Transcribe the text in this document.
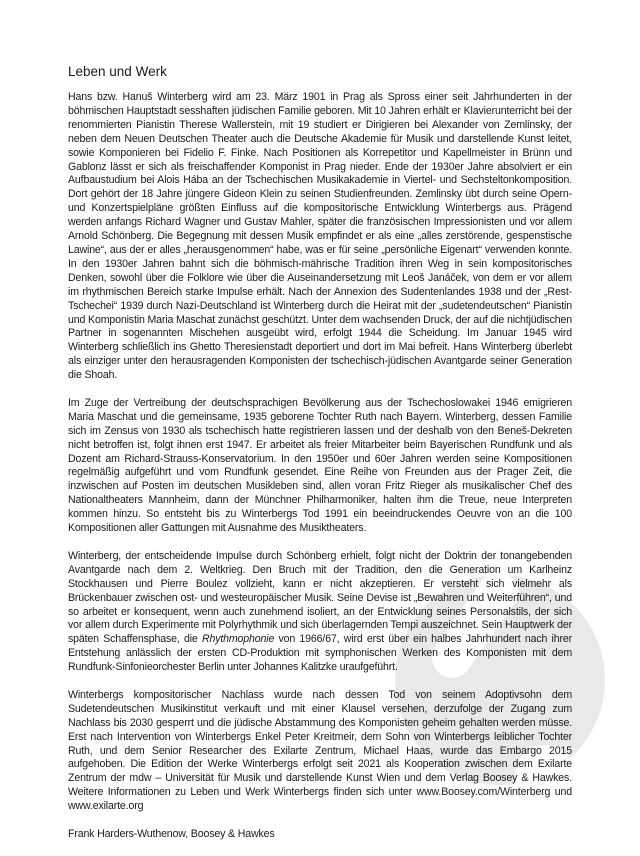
Leben und Werk

Hans bzw. Hanuš Winterberg wird am 23. März 1901 in Prag als Spross einer seit Jahrhunderten in der böhmischen Hauptstadt sesshaften jüdischen Familie geboren. Mit 10 Jahren erhält er Klavierunterricht bei der renommierten Pianistin Therese Wallerstein, mit 19 studiert er Dirigieren bei Alexander von Zemlinsky, der neben dem Neuen Deutschen Theater auch die Deutsche Akademie für Musik und darstellende Kunst leitet, sowie Komponieren bei Fidelio F. Finke. Nach Positionen als Korrepetitor und Kapellmeister in Brünn und Gablonz lässt er sich als freischaffender Komponist in Prag nieder. Ende der 1930er Jahre absolviert er ein Aufbaustudium bei Alois Hába an der Tschechischen Musikakademie in Viertel- und Sechsteltonkomposition. Dort gehört der 18 Jahre jüngere Gideon Klein zu seinen Studienfreunden. Zemlinsky übt durch seine Opern- und Konzertspielpläne größten Einfluss auf die kompositorische Entwicklung Winterbergs aus. Prägend werden anfangs Richard Wagner und Gustav Mahler, später die französischen Impressionisten und vor allem Arnold Schönberg. Die Begegnung mit dessen Musik empfindet er als eine „alles zerstörende, gespenstische Lawine“, aus der er alles „herausgenommen“ habe, was er für seine „persönliche Eigenart“ verwenden konnte. In den 1930er Jahren bahnt sich die böhmisch-mährische Tradition ihren Weg in sein kompositorisches Denken, sowohl über die Folklore wie über die Auseinandersetzung mit Leoš Janáček, von dem er vor allem im rhythmischen Bereich starke Impulse erhält. Nach der Annexion des Sudentenlandes 1938 und der „Rest-Tschechei“ 1939 durch Nazi-Deutschland ist Winterberg durch die Heirat mit der „sudetendeutschen“ Pianistin und Komponistin Maria Maschat zunächst geschützt. Unter dem wachsenden Druck, der auf die nichtjüdischen Partner in sogenannten Mischehen ausgeübt wird, erfolgt 1944 die Scheidung. Im Januar 1945 wird Winterberg schließlich ins Ghetto Theresienstadt deportiert und dort im Mai befreit. Hans Winterberg überlebt als einziger unter den herausragenden Komponisten der tschechisch-jüdischen Avantgarde seiner Generation die Shoah.

Im Zuge der Vertreibung der deutschsprachigen Bevölkerung aus der Tschechoslowakei 1946 emigrieren Maria Maschat und die gemeinsame, 1935 geborene Tochter Ruth nach Bayern. Winterberg, dessen Familie sich im Zensus von 1930 als tschechisch hatte registrieren lassen und der deshalb von den Beneš-Dekreten nicht betroffen ist, folgt ihnen erst 1947. Er arbeitet als freier Mitarbeiter beim Bayerischen Rundfunk und als Dozent am Richard-Strauss-Konservatorium. In den 1950er und 60er Jahren werden seine Kompositionen regelmäßig aufgeführt und vom Rundfunk gesendet. Eine Reihe von Freunden aus der Prager Zeit, die inzwischen auf Posten im deutschen Musikleben sind, allen voran Fritz Rieger als musikalischer Chef des Nationaltheaters Mannheim, dann der Münchner Philharmoniker, halten ihm die Treue, neue Interpreten kommen hinzu. So entsteht bis zu Winterbergs Tod 1991 ein beeindruckendes Oeuvre von an die 100 Kompositionen aller Gattungen mit Ausnahme des Musiktheaters.

Winterberg, der entscheidende Impulse durch Schönberg erhielt, folgt nicht der Doktrin der tonangebenden Avantgarde nach dem 2. Weltkrieg. Den Bruch mit der Tradition, den die Generation um Karlheinz Stockhausen und Pierre Boulez vollzieht, kann er nicht akzeptieren. Er versteht sich vielmehr als Brückenbauer zwischen ost- und westeuropäischer Musik. Seine Devise ist „Bewahren und Weiterführen“, und so arbeitet er konsequent, wenn auch zunehmend isoliert, an der Entwicklung seines Personalstils, der sich vor allem durch Experimente mit Polyrhythmik und sich überlagernden Tempi auszeichnet. Sein Hauptwerk der späten Schaffensphase, die Rhythmophonie von 1966/67, wird erst über ein halbes Jahrhundert nach ihrer Entstehung anlässlich der ersten CD-Produktion mit symphonischen Werken des Komponisten mit dem Rundfunk-Sinfonieorchester Berlin unter Johannes Kalitzke uraufgeführt.

Winterbergs kompositorischer Nachlass wurde nach dessen Tod von seinem Adoptivsohn dem Sudetendeutschen Musikinstitut verkauft und mit einer Klausel versehen, derzufolge der Zugang zum Nachlass bis 2030 gesperrt und die jüdische Abstammung des Komponisten geheim gehalten werden müsse. Erst nach Intervention von Winterbergs Enkel Peter Kreitmeir, dem Sohn von Winterbergs leiblicher Tochter Ruth, und dem Senior Researcher des Exilarte Zentrum, Michael Haas, wurde das Embargo 2015 aufgehoben. Die Edition der Werke Winterbergs erfolgt seit 2021 als Kooperation zwischen dem Exilarte Zentrum der mdw – Universität für Musik und darstellende Kunst Wien und dem Verlag Boosey & Hawkes. Weitere Informationen zu Leben und Werk Winterbergs finden sich unter www.Boosey.com/Winterberg und www.exilarte.org

Frank Harders-Wuthenow, Boosey & Hawkes
